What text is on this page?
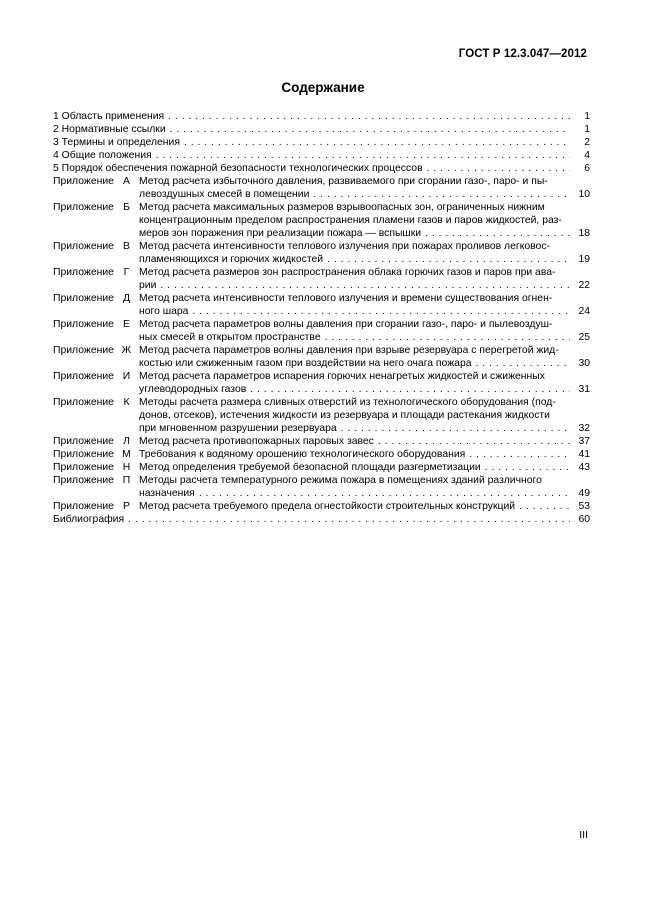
ГОСТ Р 12.3.047—2012
Содержание
1 Область применения . . .	1
2 Нормативные ссылки . . .	1
3 Термины и определения . . .	2
4 Общие положения . . .	4
5 Порядок обеспечения пожарной безопасности технологических процессов . . .	6
Приложение А Метод расчета избыточного давления, развиваемого при сгорании газо-, паро- и пы-
левоздушных смесей в помещении . . .	10
Приложение Б Метод расчета максимальных размеров взрывоопасных зон, ограниченных нижним
концентрационным пределом распространения пламени газов и паров жидкостей, раз-
меров зон поражения при реализации пожара — вспышки . . .	18
Приложение В Метод расчета интенсивности теплового излучения при пожарах проливов легковос-
пламеняющихся и горючих жидкостей . . .	19
Приложение Г Метод расчета размеров зон распространения облака горючих газов и паров при ава-
рии . . .	22
Приложение Д Метод расчета интенсивности теплового излучения и времени существования огнен-
ного шара . . .	24
Приложение Е Метод расчета параметров волны давления при сгорании газо-, паро- и пылевоздуш-
ных смесей в открытом пространстве . . .	25
Приложение Ж Метод расчета параметров волны давления при взрыве резервуара с перегретой жид-
костью или сжиженным газом при воздействии на него очага пожара . . .	30
Приложение И Метод расчета параметров испарения горючих ненагретых жидкостей и сжиженных
углеводородных газов . . .	31
Приложение К Методы расчета размера сливных отверстий из технологического оборудования (под-
донов, отсеков), истечения жидкости из резервуара и площади растекания жидкости
при мгновенном разрушении резервуара . . .	32
Приложение Л Метод расчета противопожарных паровых завес . . .	37
Приложение М Требования к водяному орошению технологического оборудования . . .	41
Приложение Н Метод определения требуемой безопасной площади разгерметизации . . .	43
Приложение П Методы расчета температурного режима пожара в помещениях зданий различного
назначения . . .	49
Приложение Р Метод расчета требуемого предела огнестойкости строительных конструкций . . .	53
Библиография . . .	60
III
